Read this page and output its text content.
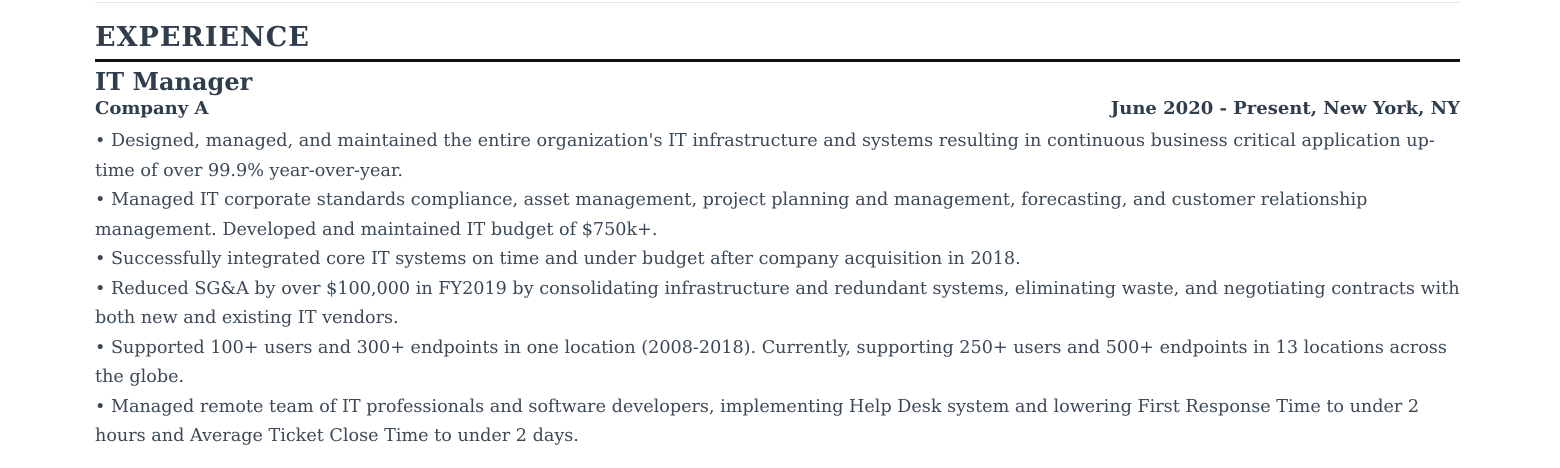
EXPERIENCE
IT Manager
Company A	June 2020 - Present, New York, NY
• Designed, managed, and maintained the entire organization's IT infrastructure and systems resulting in continuous business critical application up-time of over 99.9% year-over-year.
• Managed IT corporate standards compliance, asset management, project planning and management, forecasting, and customer relationship management. Developed and maintained IT budget of $750k+.
• Successfully integrated core IT systems on time and under budget after company acquisition in 2018.
• Reduced SG&A by over $100,000 in FY2019 by consolidating infrastructure and redundant systems, eliminating waste, and negotiating contracts with both new and existing IT vendors.
• Supported 100+ users and 300+ endpoints in one location (2008-2018). Currently, supporting 250+ users and 500+ endpoints in 13 locations across the globe.
• Managed remote team of IT professionals and software developers, implementing Help Desk system and lowering First Response Time to under 2 hours and Average Ticket Close Time to under 2 days.
